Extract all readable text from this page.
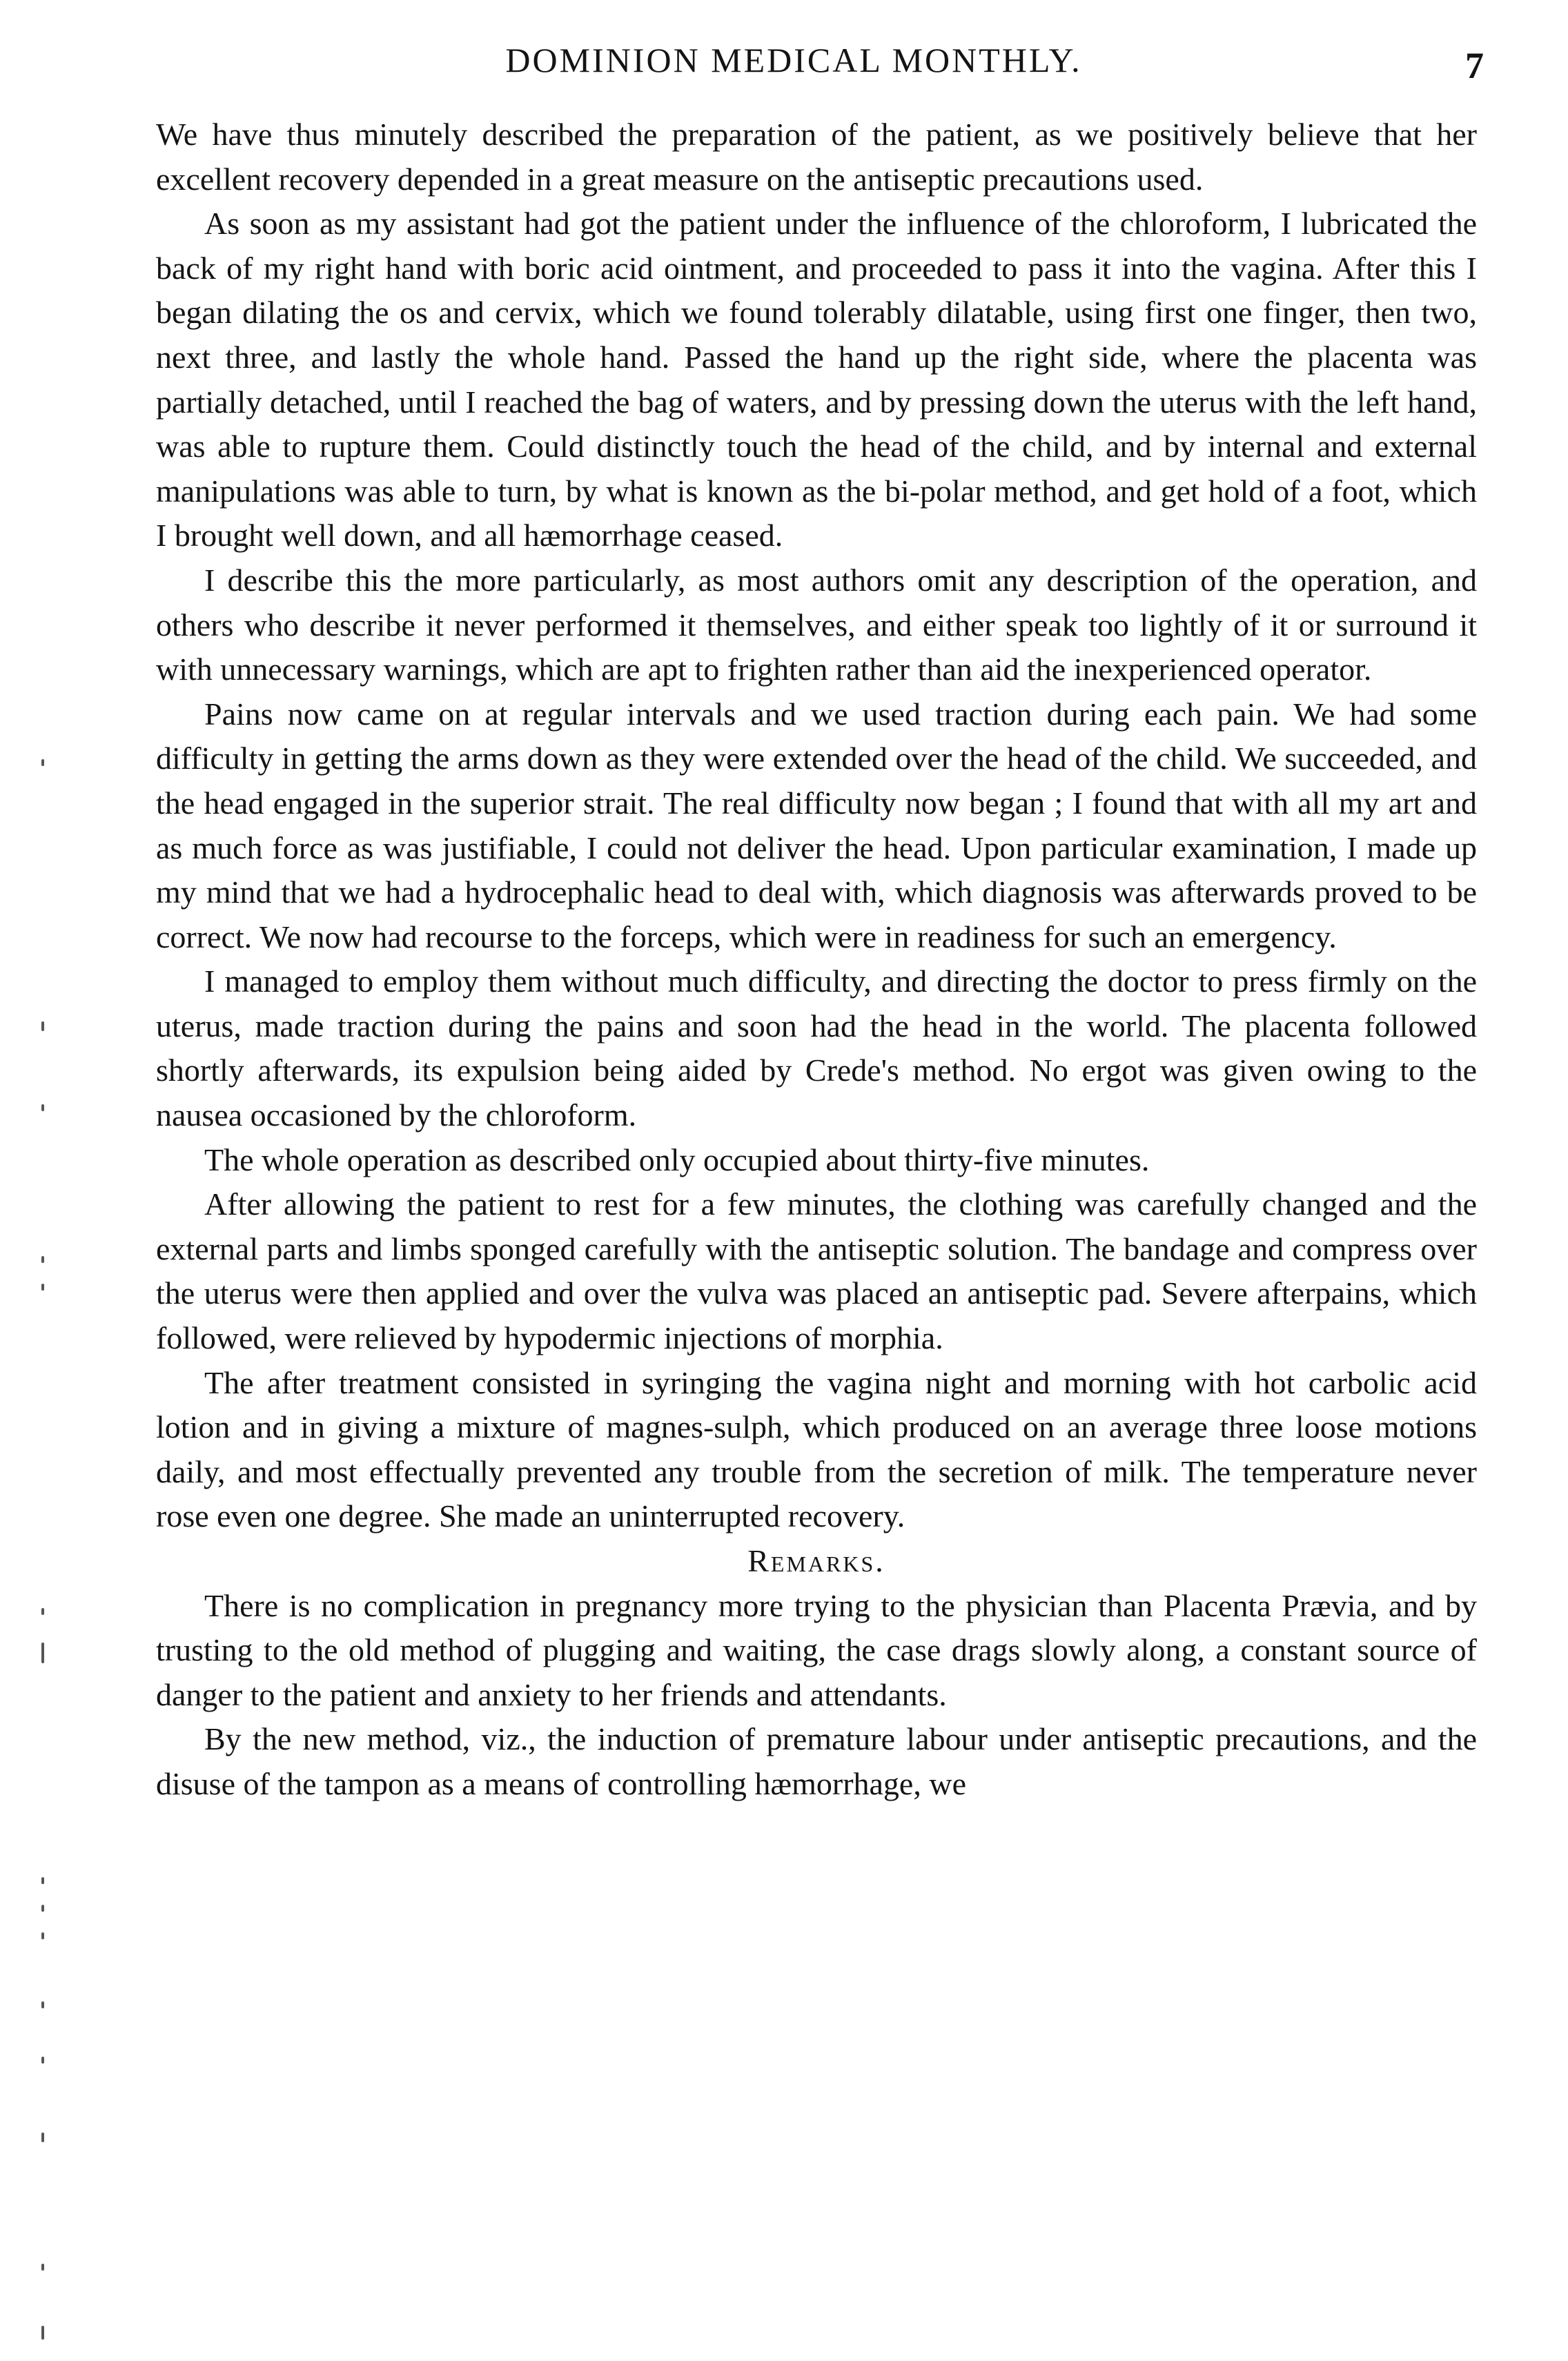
DOMINION MEDICAL MONTHLY.	7

We have thus minutely described the preparation of the patient, as we positively believe that her excellent recovery depended in a great measure on the antiseptic precautions used.

As soon as my assistant had got the patient under the influence of the chloroform, I lubricated the back of my right hand with boric acid ointment, and proceeded to pass it into the vagina. After this I began dilating the os and cervix, which we found tolerably dilatable, using first one finger, then two, next three, and lastly the whole hand. Passed the hand up the right side, where the placenta was partially detached, until I reached the bag of waters, and by pressing down the uterus with the left hand, was able to rupture them. Could distinctly touch the head of the child, and by internal and external manipulations was able to turn, by what is known as the bi-polar method, and get hold of a foot, which I brought well down, and all hæmorrhage ceased.

I describe this the more particularly, as most authors omit any description of the operation, and others who describe it never performed it themselves, and either speak too lightly of it or surround it with unnecessary warnings, which are apt to frighten rather than aid the inexperienced operator.

Pains now came on at regular intervals and we used traction during each pain. We had some difficulty in getting the arms down as they were extended over the head of the child. We succeeded, and the head engaged in the superior strait. The real difficulty now began ; I found that with all my art and as much force as was justifiable, I could not deliver the head. Upon particular examination, I made up my mind that we had a hydrocephalic head to deal with, which diagnosis was afterwards proved to be correct. We now had recourse to the forceps, which were in readiness for such an emergency.

I managed to employ them without much difficulty, and directing the doctor to press firmly on the uterus, made traction during the pains and soon had the head in the world. The placenta followed shortly afterwards, its expulsion being aided by Crede's method. No ergot was given owing to the nausea occasioned by the chloroform.

The whole operation as described only occupied about thirty-five minutes.

After allowing the patient to rest for a few minutes, the clothing was carefully changed and the external parts and limbs sponged carefully with the antiseptic solution. The bandage and compress over the uterus were then applied and over the vulva was placed an antiseptic pad. Severe afterpains, which followed, were relieved by hypodermic injections of morphia.

The after treatment consisted in syringing the vagina night and morning with hot carbolic acid lotion and in giving a mixture of magnes-sulph, which produced on an average three loose motions daily, and most effectually prevented any trouble from the secretion of milk. The temperature never rose even one degree. She made an uninterrupted recovery.

Remarks.

There is no complication in pregnancy more trying to the physician than Placenta Prævia, and by trusting to the old method of plugging and waiting, the case drags slowly along, a constant source of danger to the patient and anxiety to her friends and attendants.

By the new method, viz., the induction of premature labour under antiseptic precautions, and the disuse of the tampon as a means of controlling hæmorrhage, we
